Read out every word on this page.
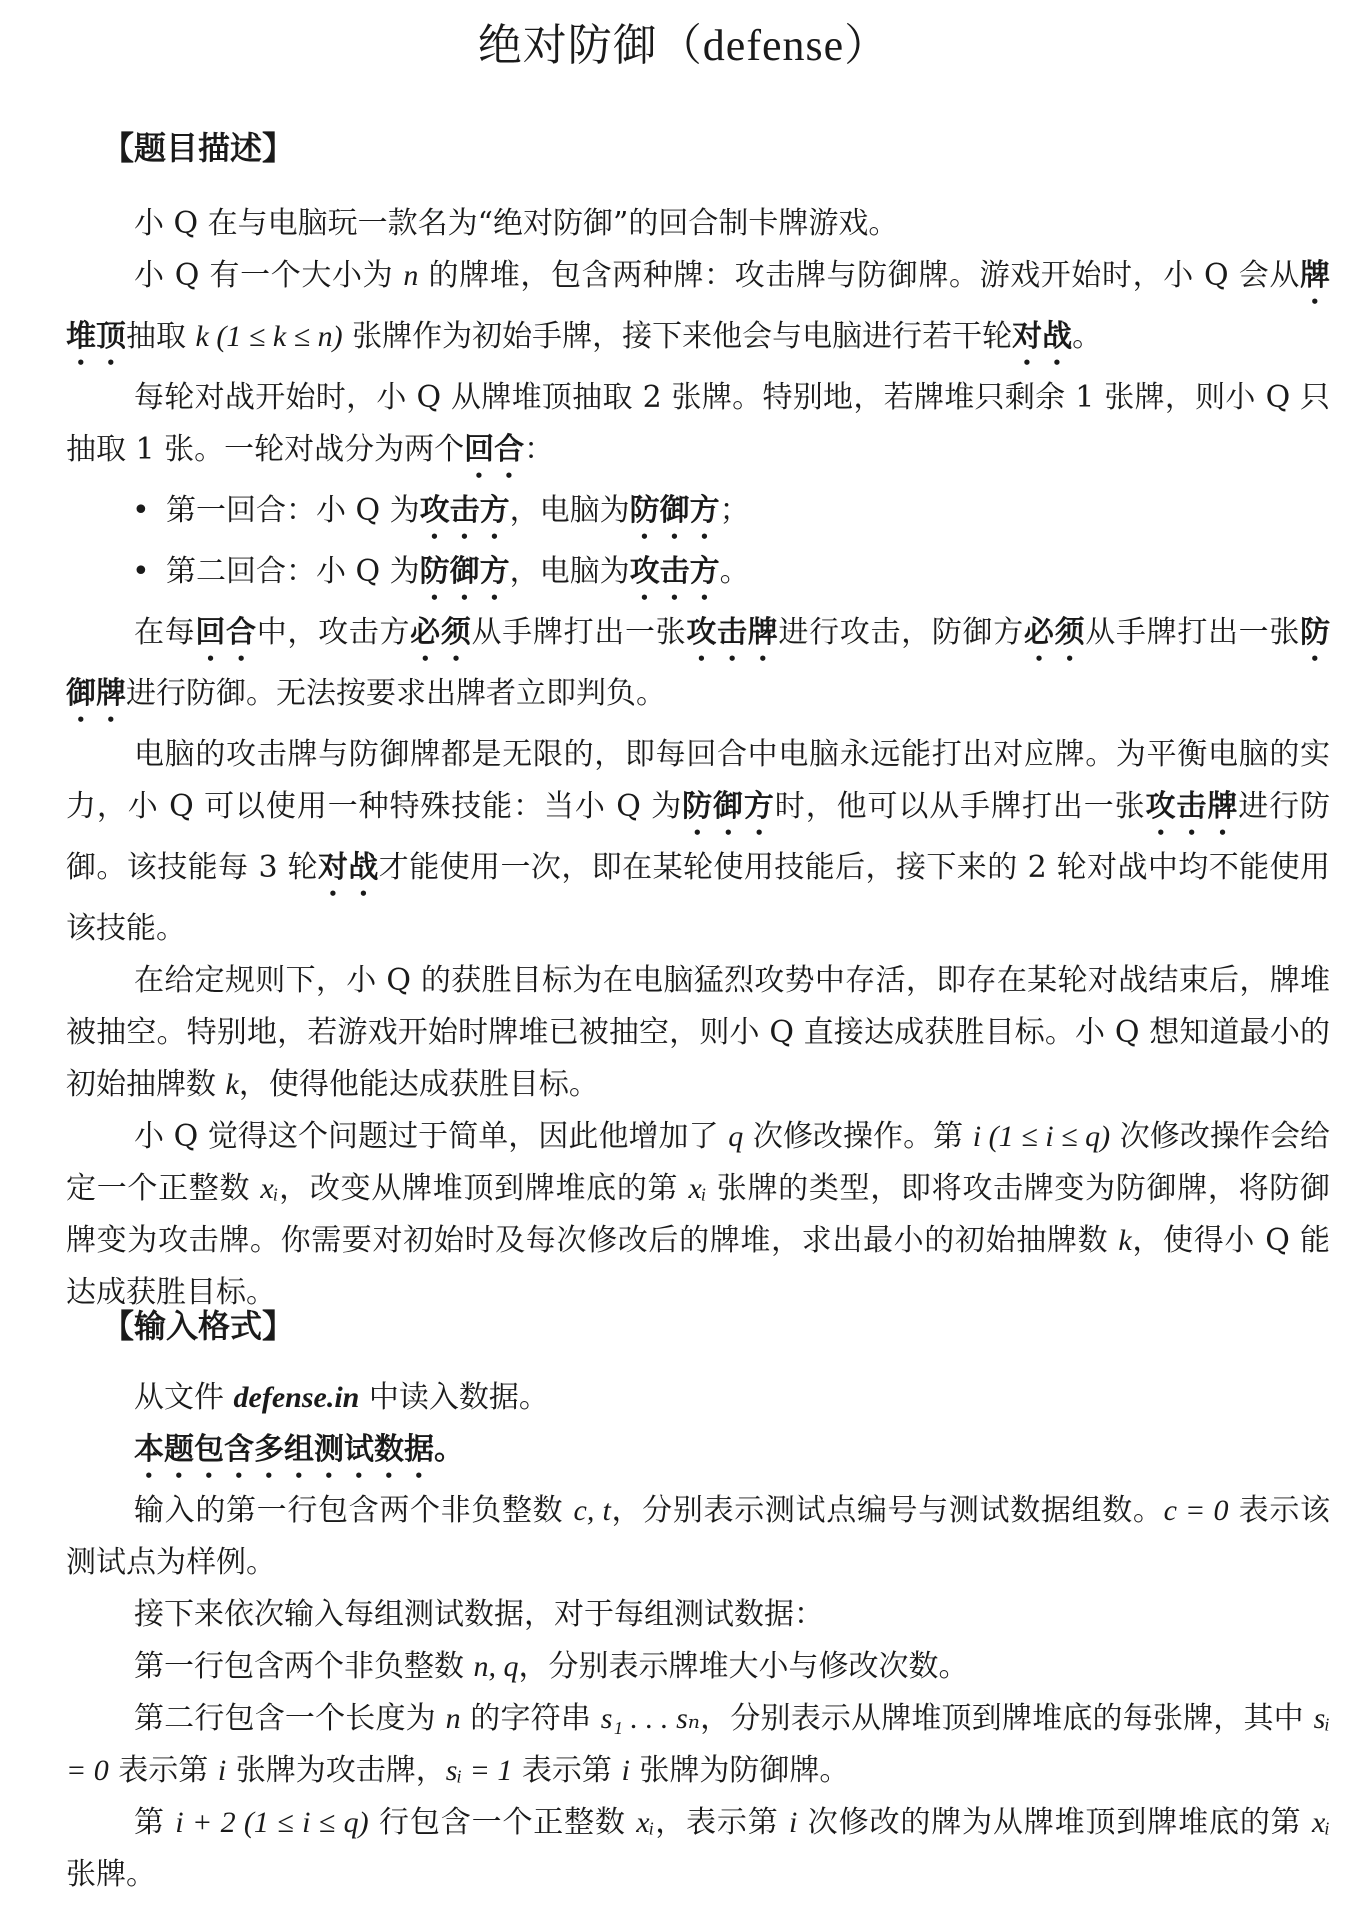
绝对防御（defense）
【题目描述】

小 Q 在与电脑玩一款名为“绝对防御”的回合制卡牌游戏。

小 Q 有一个大小为 n 的牌堆，包含两种牌：攻击牌与防御牌。游戏开始时，小 Q 会从牌堆顶抽取 k (1 ≤ k ≤ n) 张牌作为初始手牌，接下来他会与电脑进行若干轮对战。

每轮对战开始时，小 Q 从牌堆顶抽取 2 张牌。特别地，若牌堆只剩余 1 张牌，则小 Q 只抽取 1 张。一轮对战分为两个回合：

• 第一回合：小 Q 为攻击方，电脑为防御方；
• 第二回合：小 Q 为防御方，电脑为攻击方。

在每回合中，攻击方必须从手牌打出一张攻击牌进行攻击，防御方必须从手牌打出一张防御牌进行防御。无法按要求出牌者立即判负。

电脑的攻击牌与防御牌都是无限的，即每回合中电脑永远能打出对应牌。为平衡电脑的实力，小 Q 可以使用一种特殊技能：当小 Q 为防御方时，他可以从手牌打出一张攻击牌进行防御。该技能每 3 轮对战才能使用一次，即在某轮使用技能后，接下来的 2 轮对战中均不能使用该技能。

在给定规则下，小 Q 的获胜目标为在电脑猛烈攻势中存活，即存在某轮对战结束后，牌堆被抽空。特别地，若游戏开始时牌堆已被抽空，则小 Q 直接达成获胜目标。小 Q 想知道最小的初始抽牌数 k，使得他能达成获胜目标。

小 Q 觉得这个问题过于简单，因此他增加了 q 次修改操作。第 i (1 ≤ i ≤ q) 次修改操作会给定一个正整数 xᵢ，改变从牌堆顶到牌堆底的第 xᵢ 张牌的类型，即将攻击牌变为防御牌，将防御牌变为攻击牌。你需要对初始时及每次修改后的牌堆，求出最小的初始抽牌数 k，使得小 Q 能达成获胜目标。

【输入格式】

从文件 defense.in 中读入数据。

本题包含多组测试数据。

输入的第一行包含两个非负整数 c, t，分别表示测试点编号与测试数据组数。c = 0 表示该测试点为样例。

接下来依次输入每组测试数据，对于每组测试数据：

第一行包含两个非负整数 n, q，分别表示牌堆大小与修改次数。

第二行包含一个长度为 n 的字符串 s₁ . . . sₙ，分别表示从牌堆顶到牌堆底的每张牌，其中 sᵢ = 0 表示第 i 张牌为攻击牌，sᵢ = 1 表示第 i 张牌为防御牌。

第 i + 2 (1 ≤ i ≤ q) 行包含一个正整数 xᵢ，表示第 i 次修改的牌为从牌堆顶到牌堆底的第 xᵢ 张牌。
